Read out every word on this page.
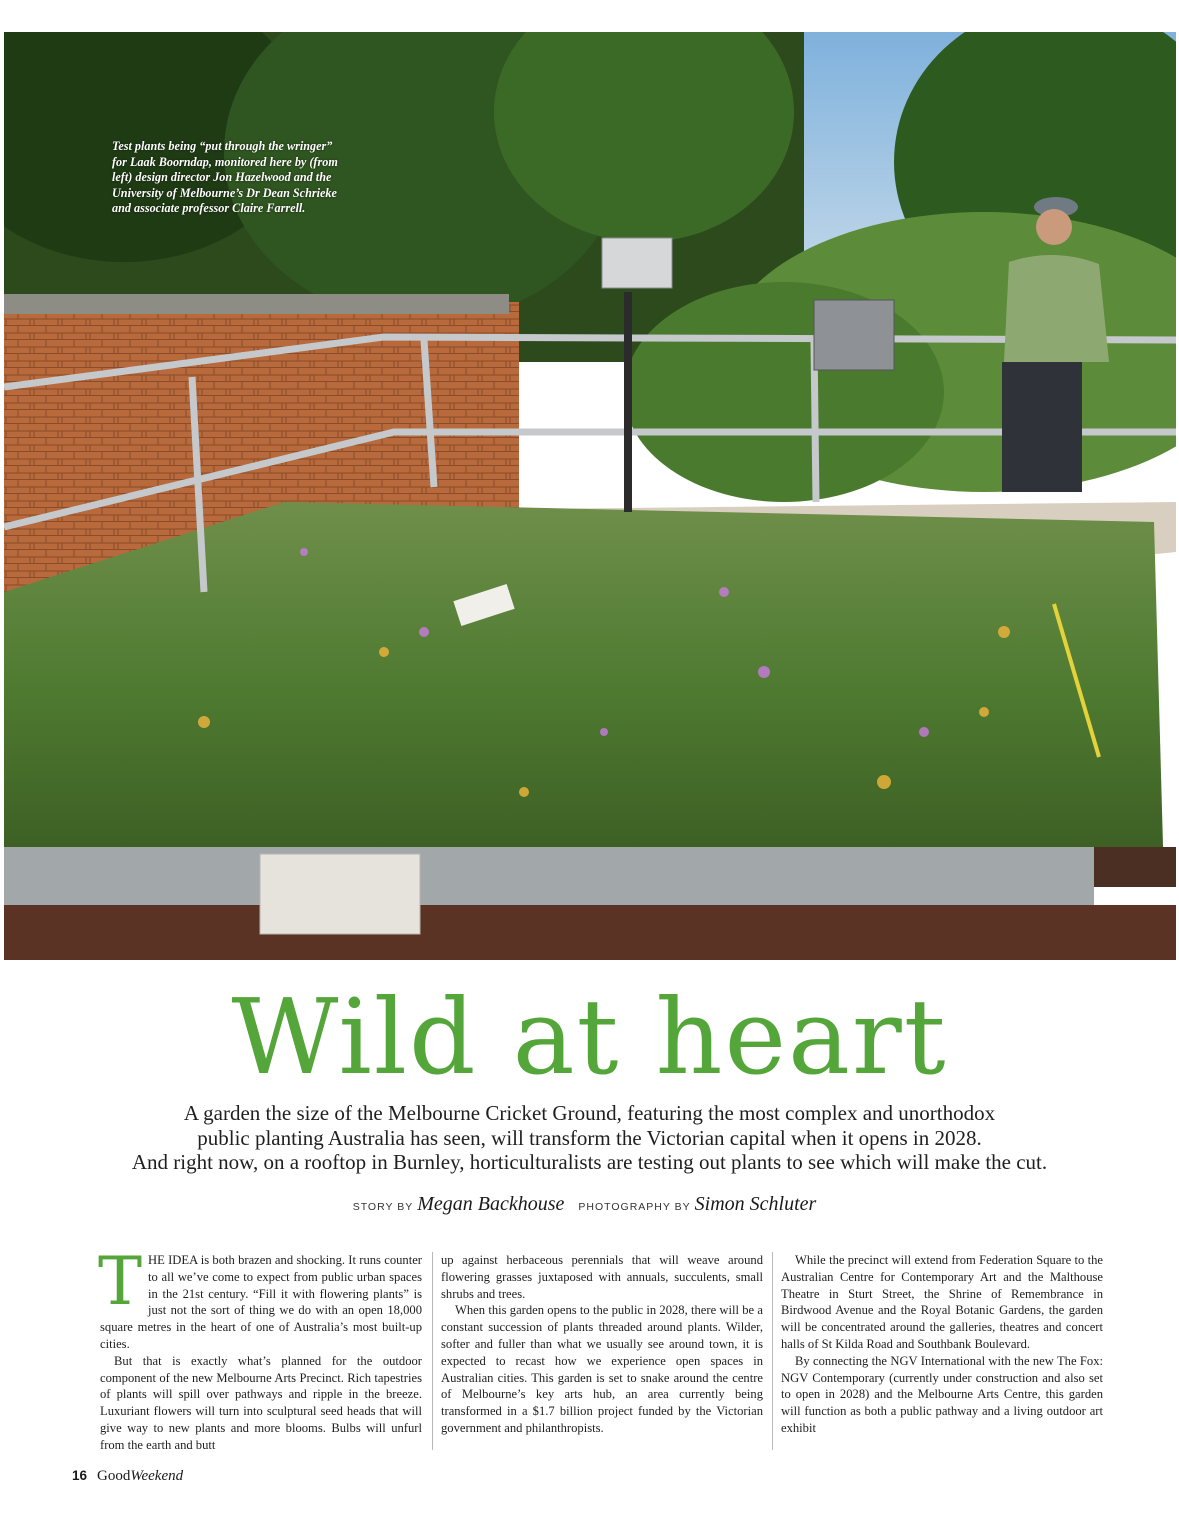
Test plants being “put through the wringer” for Laak Boorndap, monitored here by (from left) design director Jon Hazelwood and the University of Melbourne’s Dr Dean Schrieke and associate professor Claire Farrell.
Wild at heart

A garden the size of the Melbourne Cricket Ground, featuring the most complex and unorthodox
public planting Australia has seen, will transform the Victorian capital when it opens in 2028.
And right now, on a rooftop in Burnley, horticulturalists are testing out plants to see which will make the cut.

STORY BY Megan Backhouse PHOTOGRAPHY BY Simon Schluter

THE IDEA is both brazen and shocking. It runs counter to all we’ve come to expect from public urban spaces in the 21st century. “Fill it with flowering plants” is just not the sort of thing we do with an open 18,000 square metres in the heart of one of Australia’s most built-up cities.

But that is exactly what’s planned for the outdoor component of the new Melbourne Arts Precinct. Rich tapestries of plants will spill over pathways and ripple in the breeze. Luxuriant flowers will turn into sculptural seed heads that will give way to new plants and more blooms. Bulbs will unfurl from the earth and butt

up against herbaceous perennials that will weave around flowering grasses juxtaposed with annuals, succulents, small shrubs and trees.

When this garden opens to the public in 2028, there will be a constant succession of plants threaded around plants. Wilder, softer and fuller than what we usually see around town, it is expected to recast how we experience open spaces in Australian cities. This garden is set to snake around the centre of Melbourne’s key arts hub, an area currently being transformed in a $1.7 billion project funded by the Victorian government and philanthropists.

While the precinct will extend from Federation Square to the Australian Centre for Contemporary Art and the Malthouse Theatre in Sturt Street, the Shrine of Remembrance in Birdwood Avenue and the Royal Botanic Gardens, the garden will be concentrated around the galleries, theatres and concert halls of St Kilda Road and Southbank Boulevard.

By connecting the NGV International with the new The Fox: NGV Contemporary (currently under construction and also set to open in 2028) and the Melbourne Arts Centre, this garden will function as both a public pathway and a living outdoor art exhibit

16 GoodWeekend
